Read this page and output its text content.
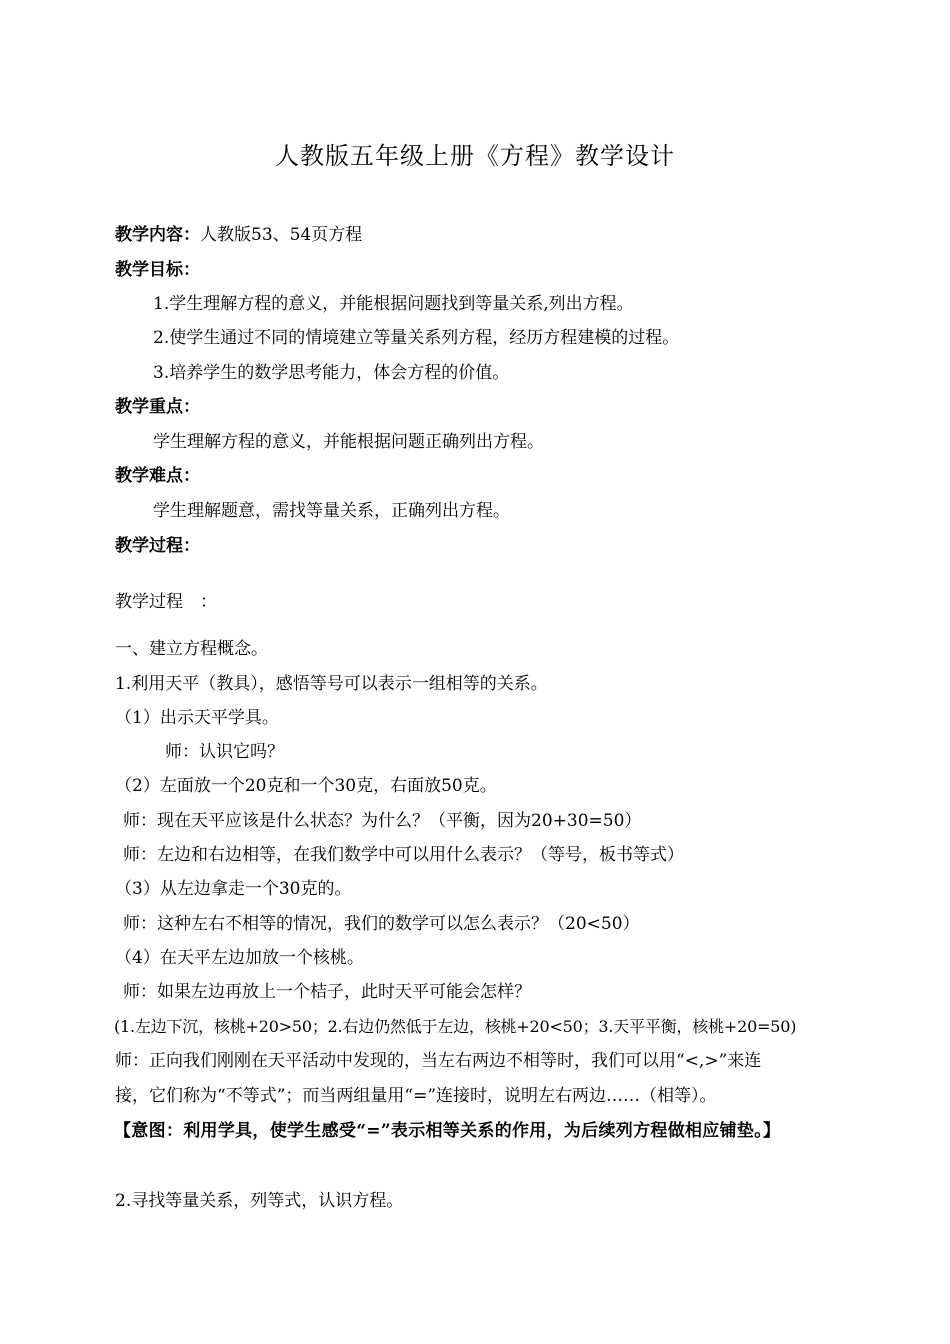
人教版五年级上册《方程》教学设计
教学内容：人教版53、54页方程
教学目标：
1.学生理解方程的意义，并能根据问题找到等量关系,列出方程。
2.使学生通过不同的情境建立等量关系列方程，经历方程建模的过程。
3.培养学生的数学思考能力，体会方程的价值。
教学重点：
学生理解方程的意义，并能根据问题正确列出方程。
教学难点：
学生理解题意，需找等量关系，正确列出方程。
教学过程：
教学过程　：
一、建立方程概念。
1.利用天平（教具），感悟等号可以表示一组相等的关系。
（1）出示天平学具。
师：认识它吗？
（2）左面放一个20克和一个30克，右面放50克。
师：现在天平应该是什么状态？为什么？（平衡，因为20+30=50）
师：左边和右边相等，在我们数学中可以用什么表示？（等号，板书等式）
（3）从左边拿走一个30克的。
师：这种左右不相等的情况，我们的数学可以怎么表示？（20<50）
（4）在天平左边加放一个核桃。
师：如果左边再放上一个桔子，此时天平可能会怎样？
(1.左边下沉，核桃+20>50；2.右边仍然低于左边，核桃+20<50；3.天平平衡，核桃+20=50)
师：正向我们刚刚在天平活动中发现的，当左右两边不相等时，我们可以用“<,>”来连
接，它们称为“不等式”；而当两组量用“=”连接时，说明左右两边……（相等）。
【意图：利用学具，使学生感受“=”表示相等关系的作用，为后续列方程做相应铺垫。】
2.寻找等量关系，列等式，认识方程。
